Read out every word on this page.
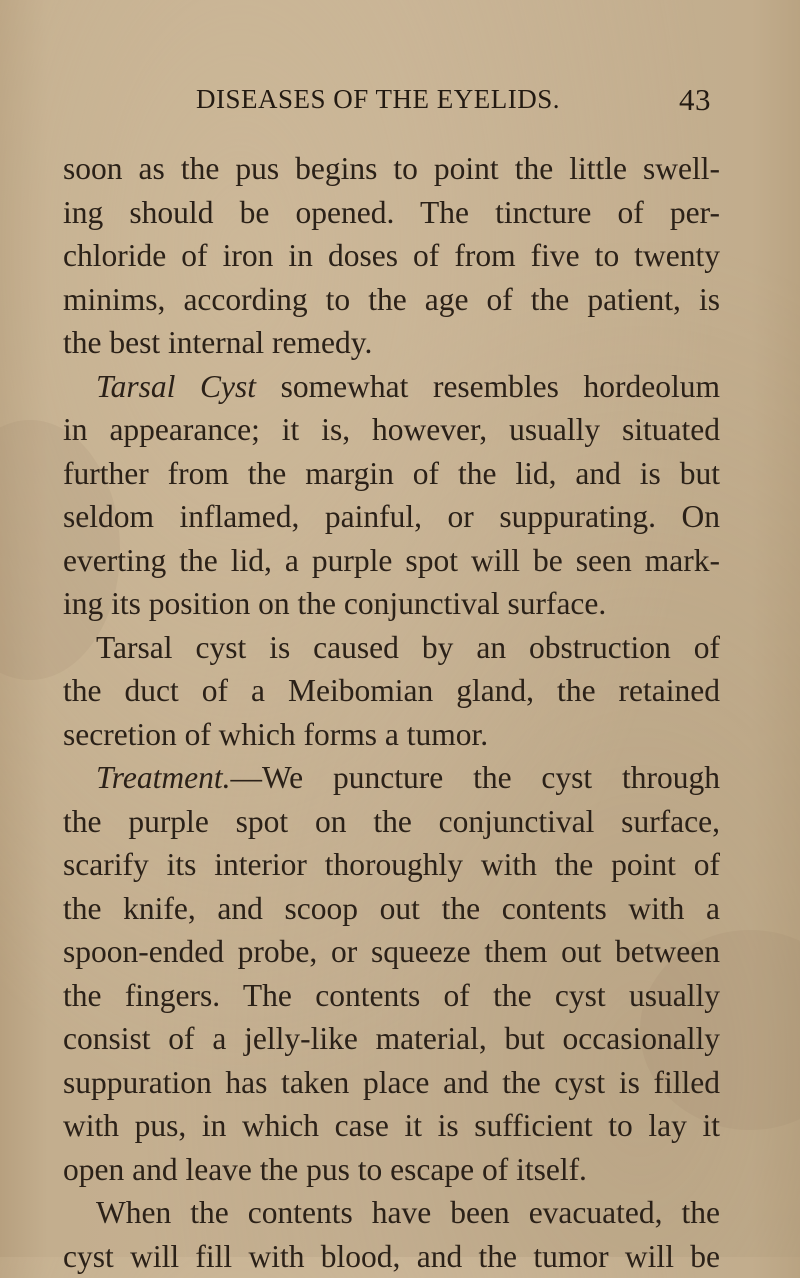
DISEASES OF THE EYELIDS.	43
soon as the pus begins to point the little swell-
ing should be opened. The tincture of per-
chloride of iron in doses of from five to twenty
minims, according to the age of the patient, is
the best internal remedy.
Tarsal Cyst somewhat resembles hordeolum
in appearance; it is, however, usually situated
further from the margin of the lid, and is but
seldom inflamed, painful, or suppurating. On
everting the lid, a purple spot will be seen mark-
ing its position on the conjunctival surface.
Tarsal cyst is caused by an obstruction of
the duct of a Meibomian gland, the retained
secretion of which forms a tumor.
Treatment.—We puncture the cyst through
the purple spot on the conjunctival surface,
scarify its interior thoroughly with the point of
the knife, and scoop out the contents with a
spoon-ended probe, or squeeze them out between
the fingers. The contents of the cyst usually
consist of a jelly-like material, but occasionally
suppuration has taken place and the cyst is filled
with pus, in which case it is sufficient to lay it
open and leave the pus to escape of itself.
When the contents have been evacuated, the
cyst will fill with blood, and the tumor will be
